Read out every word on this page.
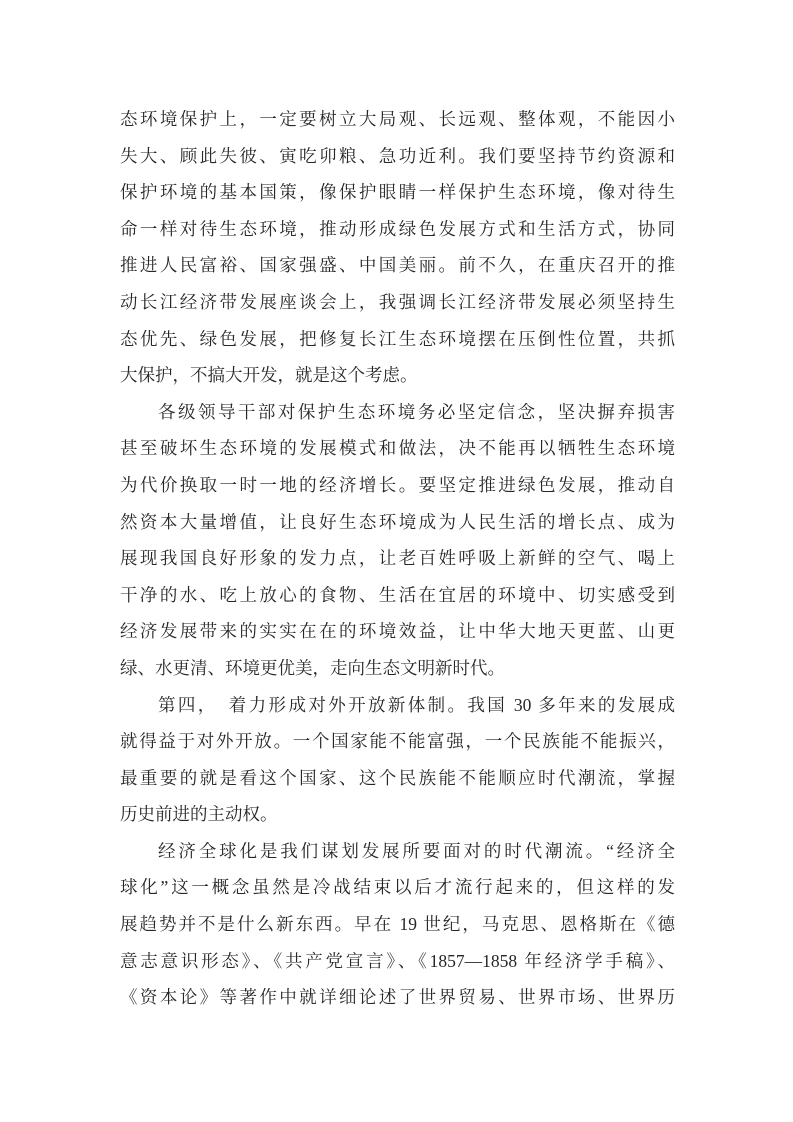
态环境保护上，一定要树立大局观、长远观、整体观，不能因小
失大、顾此失彼、寅吃卯粮、急功近利。我们要坚持节约资源和
保护环境的基本国策，像保护眼睛一样保护生态环境，像对待生
命一样对待生态环境，推动形成绿色发展方式和生活方式，协同
推进人民富裕、国家强盛、中国美丽。前不久，在重庆召开的推
动长江经济带发展座谈会上，我强调长江经济带发展必须坚持生
态优先、绿色发展，把修复长江生态环境摆在压倒性位置，共抓
大保护，不搞大开发，就是这个考虑。
各级领导干部对保护生态环境务必坚定信念，坚决摒弃损害
甚至破坏生态环境的发展模式和做法，决不能再以牺牲生态环境
为代价换取一时一地的经济增长。要坚定推进绿色发展，推动自
然资本大量增值，让良好生态环境成为人民生活的增长点、成为
展现我国良好形象的发力点，让老百姓呼吸上新鲜的空气、喝上
干净的水、吃上放心的食物、生活在宜居的环境中、切实感受到
经济发展带来的实实在在的环境效益，让中华大地天更蓝、山更
绿、水更清、环境更优美，走向生态文明新时代。
第四，　着力形成对外开放新体制。我国 30 多年来的发展成
就得益于对外开放。一个国家能不能富强，一个民族能不能振兴，
最重要的就是看这个国家、这个民族能不能顺应时代潮流，掌握
历史前进的主动权。
经济全球化是我们谋划发展所要面对的时代潮流。“经济全
球化”这一概念虽然是冷战结束以后才流行起来的，但这样的发
展趋势并不是什么新东西。早在 19 世纪，马克思、恩格斯在《德
意志意识形态》、《共产党宣言》、《1857—1858 年经济学手稿》、
《资本论》等著作中就详细论述了世界贸易、世界市场、世界历
